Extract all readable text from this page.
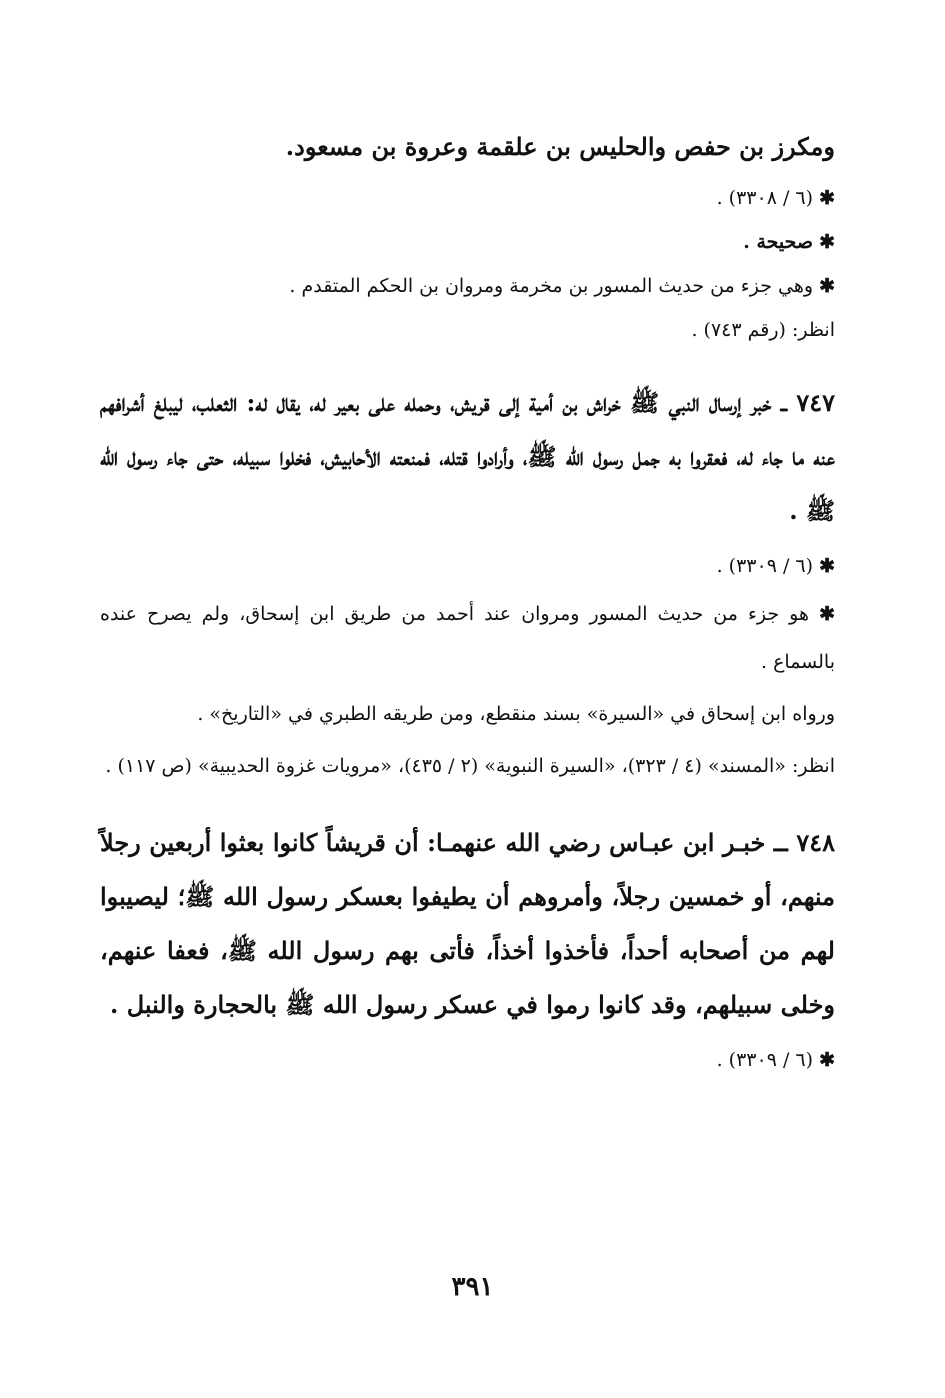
ومكرز بن حفص والحليس بن علقمة وعروة بن مسعود.
✱ (٦ / ٣٣٠٨) .
✱ صحيحة .
✱ وهي جزء من حديث المسور بن مخرمة ومروان بن الحكم المتقدم .
انظر: (رقم ٧٤٣) .
٧٤٧ ــ خبر إرسال النبي ﷺ خراش بن أمية إلى قريش، وحمله على بعير له، يقال له: الثعلب، ليبلغ أشرافهم عنه ما جاء له، فعقروا به جمل رسول الله ﷺ، وأرادوا قتله، فمنعته الأحابيش، فخلوا سبيله، حتى جاء رسول الله ﷺ .
✱ (٦ / ٣٣٠٩) .
✱ هو جزء من حديث المسور ومروان عند أحمد من طريق ابن إسحاق، ولم يصرح عنده بالسماع .
ورواه ابن إسحاق في «السيرة» بسند منقطع، ومن طريقه الطبري في «التاريخ» .
انظر: «المسند» (٤ / ٣٢٣)، «السيرة النبوية» (٢ / ٤٣٥)، «مرويات غزوة الحديبية» (ص ١١٧) .
٧٤٨ ــ خبـر ابن عبـاس رضي الله عنهمـا: أن قريشاً كانوا بعثوا أربعين رجلاً منهم، أو خمسين رجلاً، وأمروهم أن يطيفوا بعسكر رسول الله ﷺ؛ ليصيبوا لهم من أصحابه أحداً، فأخذوا أخذاً، فأتى بهم رسول الله ﷺ، فعفا عنهم، وخلى سبيلهم، وقد كانوا رموا في عسكر رسول الله ﷺ بالحجارة والنبل .
✱ (٦ / ٣٣٠٩) .
٣٩١
